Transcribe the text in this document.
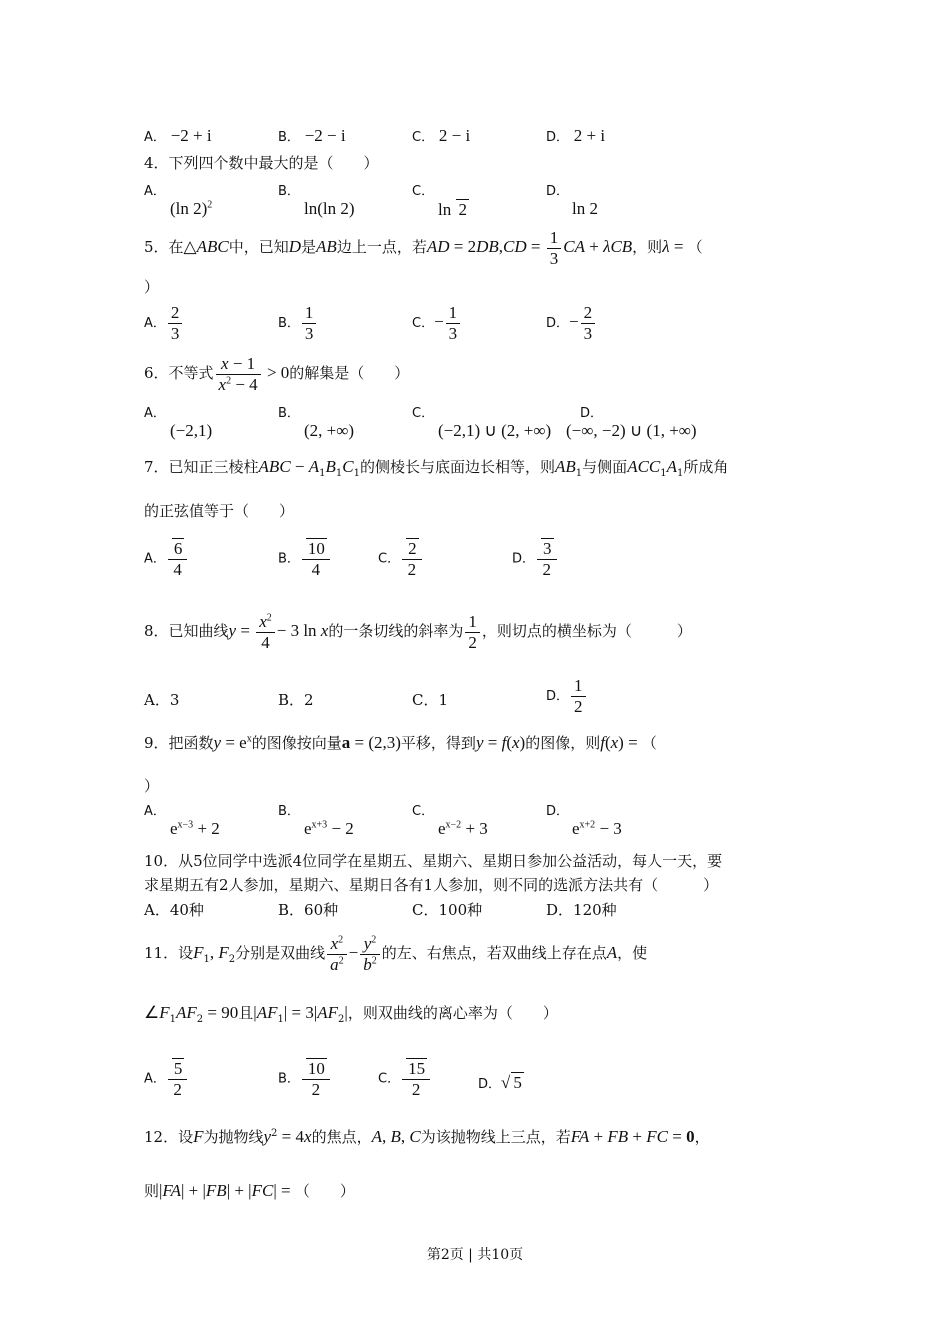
A． −2 + i	B． −2 − i	C． 2 − i	D． 2 + i
4．下列四个数中最大的是（　　）
A．
(ln 2)$^2$
B．
ln(ln 2)
C．
ln 2
D．
ln 2
5．在△ABC中，已知D是AB边上一点，若AD = $2DB,CD = \frac{1}{3}$ CA + λCB，则λ = （
）
A． $\frac{2}{3}$	B． $\frac{1}{3}$	C．− $\frac{1}{3}$	D．− $\frac{2}{3}$
6．不等式 $\frac{x - 1}{x^2 - 4} > 0$的解集是（　　）
A．
(−2,1)
B．
(2, +∞)
C．
(−2,1) ∪ (2, +∞)
D．
(−∞, −2) ∪ (1, +∞)
7．已知正三棱柱ABC − $A_1B_1C_1$的侧棱长与底面边长相等，则$AB_1$与侧面$ACC_1A_1$所成角
的正弦值等于（　　）
A． $\frac{6}{4}$	B． $\frac{10}{4}$	C． $\frac{2}{2}$	D． $\frac{3}{2}$
8．已知曲线$y = \frac{x^2}{4} - 3$ ln x的一条切线的斜率为 $\frac{1}{2}$ ，则切点的横坐标为（　　　）
A．3	B．2	C．1	D． $\frac{1}{2}$
9．把函数$y = e^x$的图像按向量a = (2,3)平移，得到y = f(x)的图像，则f(x) = （
）
A．
$e^{x-3} + 2$
B．
$e^{x+3} - 2$
C．
$e^{x-2} + 3$
D．
$e^{x+2} - 3$
10．从5位同学中选派4位同学在星期五、星期六、星期日参加公益活动，每人一天，要
求星期五有2人参加，星期六、星期日各有1人参加，则不同的选派方法共有（　　　）
A．40种	B．60种	C．100种	D．120种
11．设$F_1$, $F_2$分别是双曲线 $\frac{x^2}{a^2} - \frac{y^2}{b^2}$ 的左、右焦点，若双曲线上存在点A，使
$\angle F_1AF_2 = 90$且$|AF_1| = 3|AF_2|$，则双曲线的离心率为（　　）
A． $\frac{5}{2}$	B． $\frac{10}{2}$	C． $\frac{15}{2}$	D．√ 5
12．设F为抛物线$y^2 = 4x$的焦点，A, B, C为该抛物线上三点，若FA + FB + FC = 0，
则|FA| + |FB| + |FC| = （　　）
第2页 | 共10页
